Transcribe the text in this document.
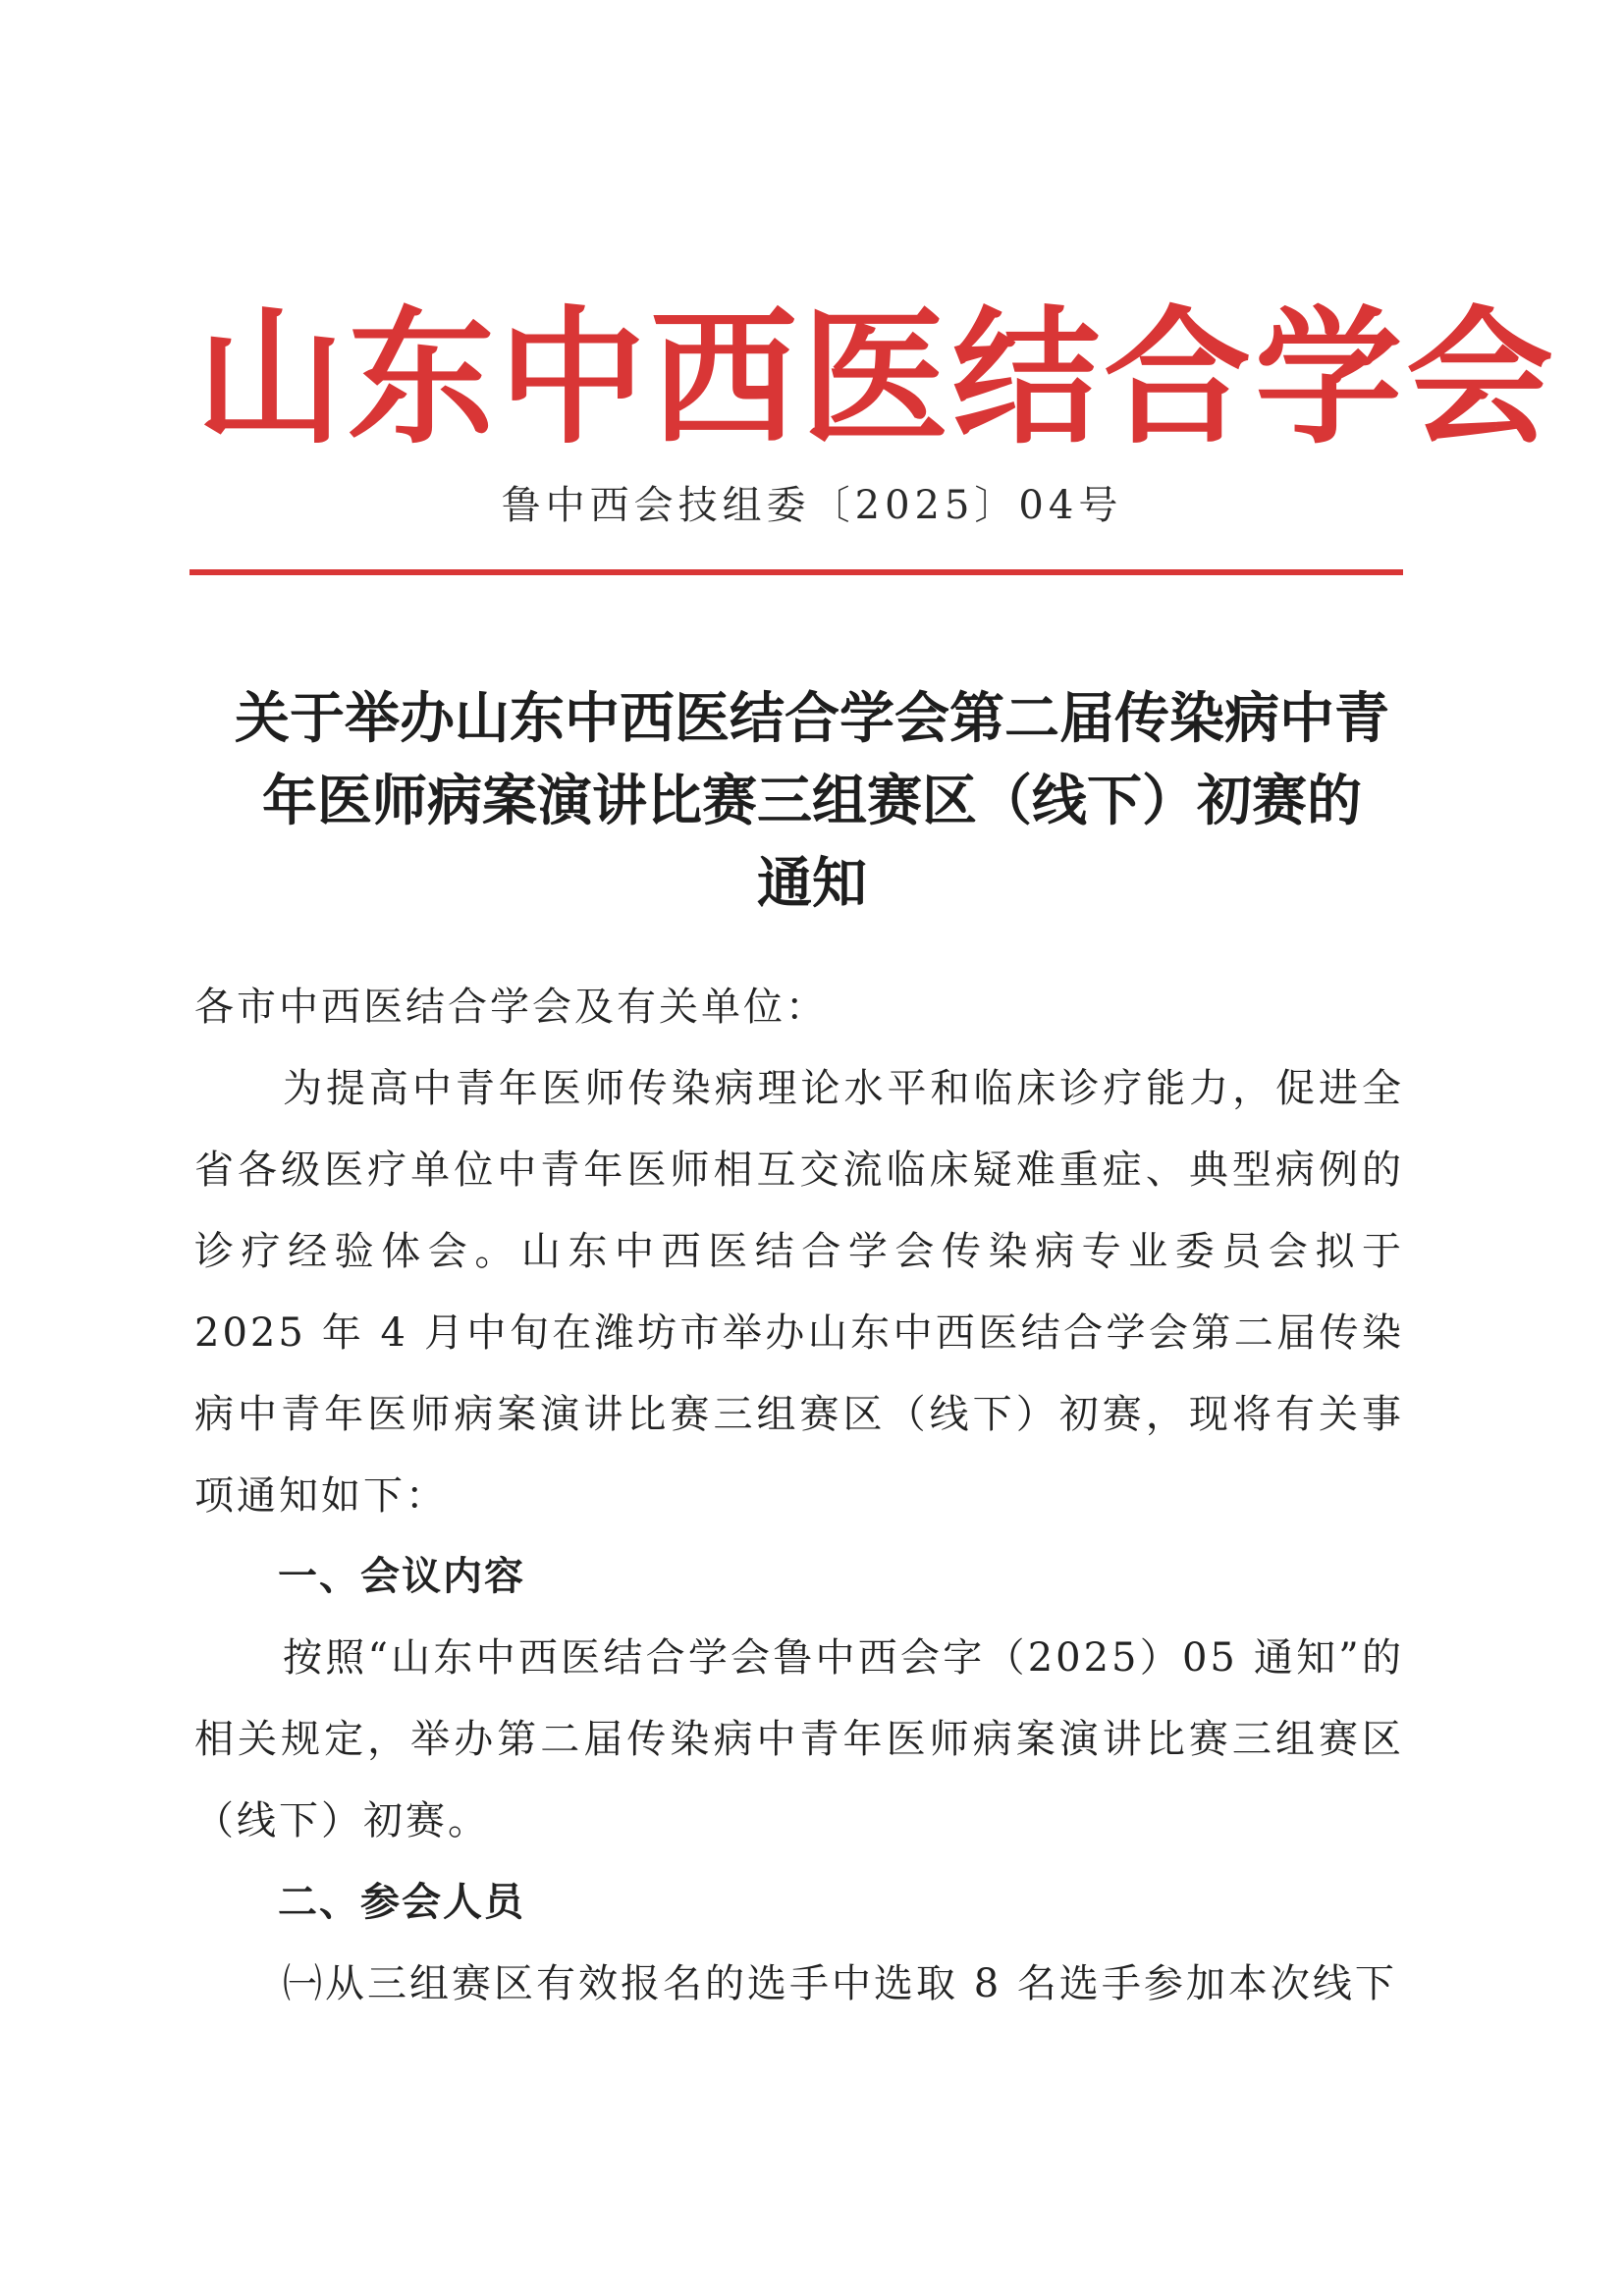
山东中西医结合学会
鲁中西会技组委〔2025〕04号
关于举办山东中西医结合学会第二届传染病中青
年医师病案演讲比赛三组赛区（线下）初赛的
通知
各市中西医结合学会及有关单位：
为提高中青年医师传染病理论水平和临床诊疗能力，促进全省各级医疗单位中青年医师相互交流临床疑难重症、典型病例的诊疗经验体会。山东中西医结合学会传染病专业委员会拟于 2025 年 4 月中旬在潍坊市举办山东中西医结合学会第二届传染病中青年医师病案演讲比赛三组赛区（线下）初赛，现将有关事项通知如下：
一、会议内容
按照“山东中西医结合学会鲁中西会字（2025）05 通知”的相关规定，举办第二届传染病中青年医师病案演讲比赛三组赛区（线下）初赛。
二、参会人员
㈠从三组赛区有效报名的选手中选取 8 名选手参加本次线下
